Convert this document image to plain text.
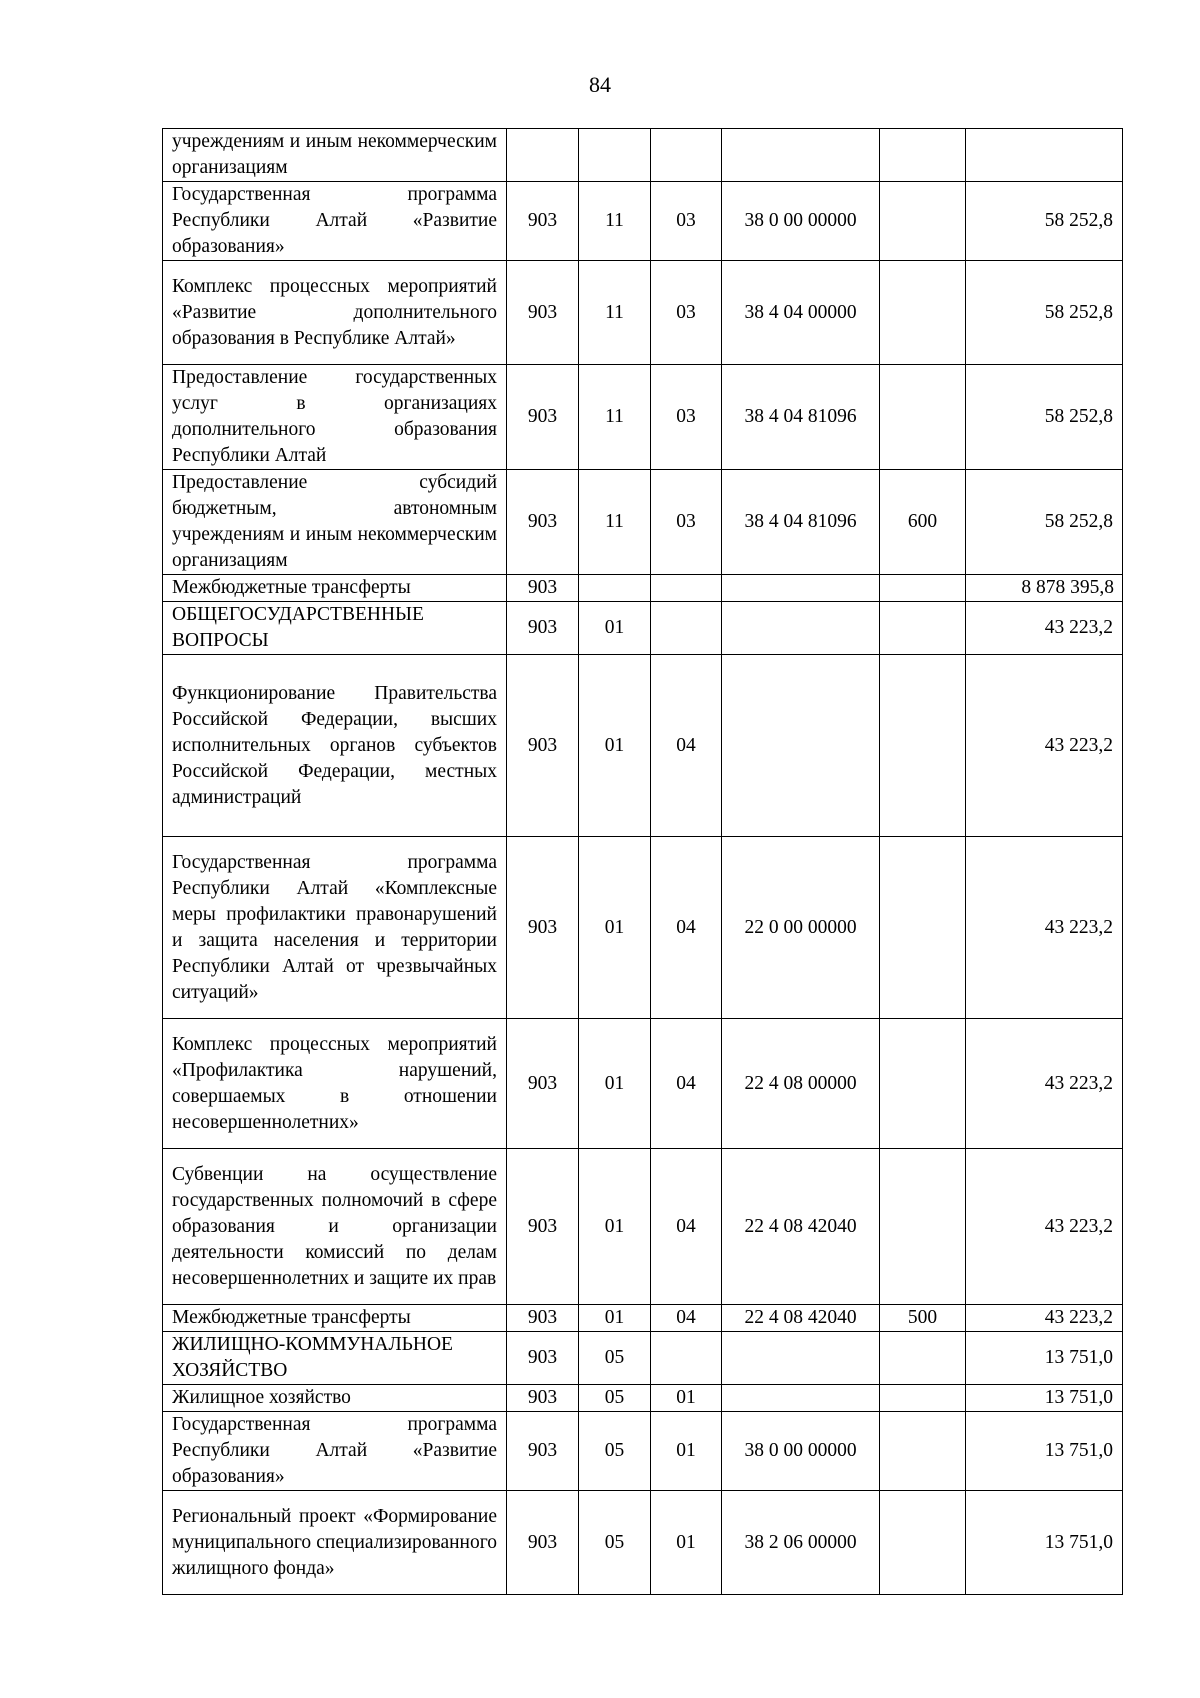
84
учреждениям и иным некоммерческим организациям						
Государственная программа Республики Алтай «Развитие образования»	903	11	03	38 0 00 00000		58 252,8
Комплекс процессных мероприятий «Развитие дополнительного образования в Республике Алтай»	903	11	03	38 4 04 00000		58 252,8
Предоставление государственных услуг в организациях дополнительного образования Республики Алтай	903	11	03	38 4 04 81096		58 252,8
Предоставление субсидий бюджетным, автономным учреждениям и иным некоммерческим организациям	903	11	03	38 4 04 81096	600	58 252,8
Межбюджетные трансферты	903					8 878 395,8
ОБЩЕГОСУДАРСТВЕННЫЕ ВОПРОСЫ	903	01				43 223,2
Функционирование Правительства Российской Федерации, высших исполнительных органов субъектов Российской Федерации, местных администраций	903	01	04			43 223,2
Государственная программа Республики Алтай «Комплексные меры профилактики правонарушений и защита населения и территории Республики Алтай от чрезвычайных ситуаций»	903	01	04	22 0 00 00000		43 223,2
Комплекс процессных мероприятий «Профилактика нарушений, совершаемых в отношении несовершеннолетних»	903	01	04	22 4 08 00000		43 223,2
Субвенции на осуществление государственных полномочий в сфере образования и организации деятельности комиссий по делам несовершеннолетних и защите их прав	903	01	04	22 4 08 42040		43 223,2
Межбюджетные трансферты	903	01	04	22 4 08 42040	500	43 223,2
ЖИЛИЩНО-КОММУНАЛЬНОЕ ХОЗЯЙСТВО	903	05				13 751,0
Жилищное хозяйство	903	05	01			13 751,0
Государственная программа Республики Алтай «Развитие образования»	903	05	01	38 0 00 00000		13 751,0
Региональный проект «Формирование муниципального специализированного жилищного фонда»	903	05	01	38 2 06 00000		13 751,0
